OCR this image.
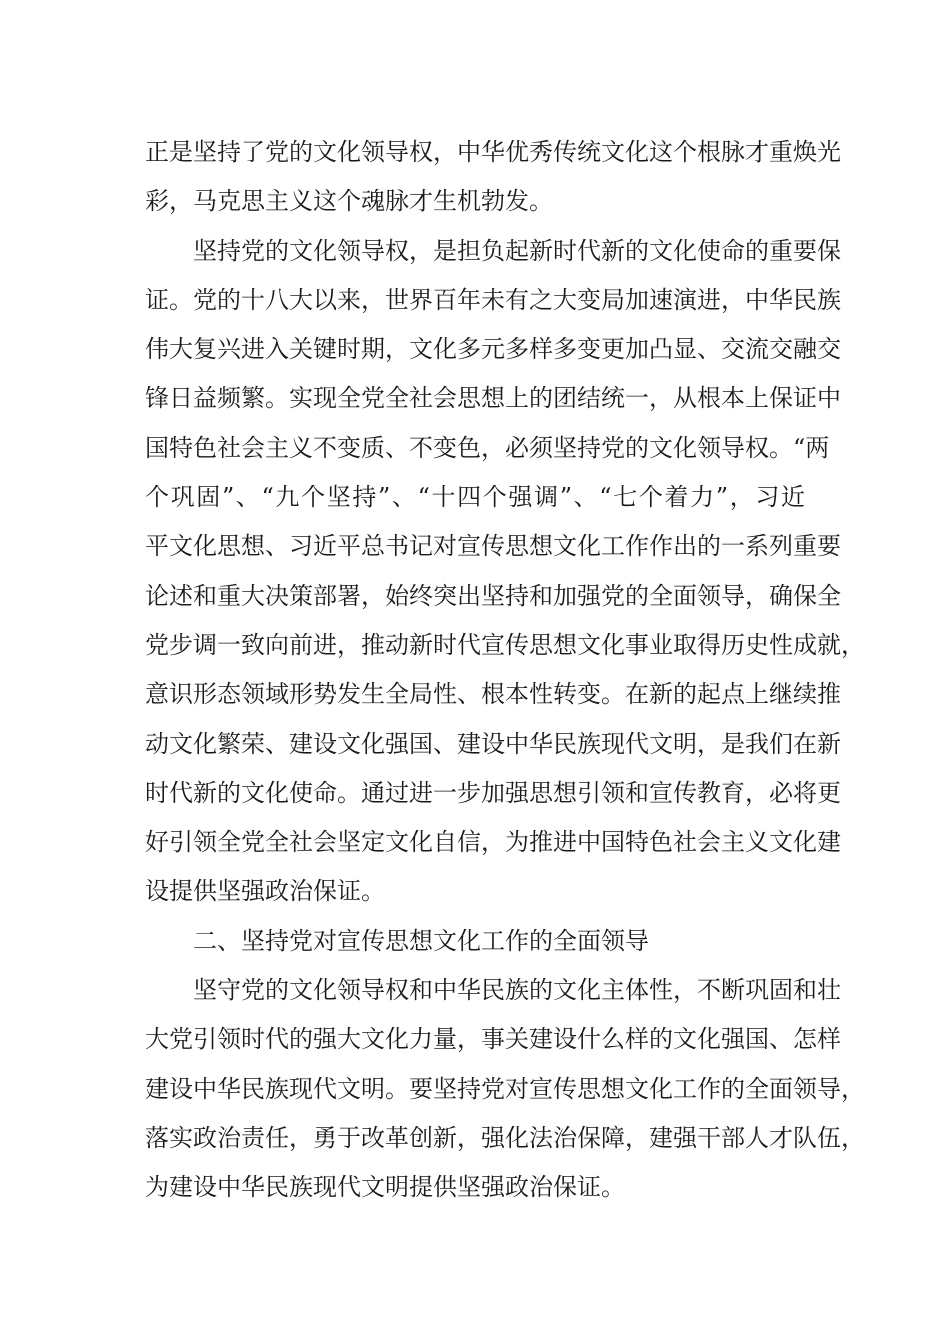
正是坚持了党的文化领导权，中华优秀传统文化这个根脉才重焕光
彩，马克思主义这个魂脉才生机勃发。
坚持党的文化领导权，是担负起新时代新的文化使命的重要保
证。党的十八大以来，世界百年未有之大变局加速演进，中华民族
伟大复兴进入关键时期，文化多元多样多变更加凸显、交流交融交
锋日益频繁。实现全党全社会思想上的团结统一，从根本上保证中
国特色社会主义不变质、不变色，必须坚持党的文化领导权。“两
个巩固”、“九个坚持”、“十四个强调”、“七个着力”，习近
平文化思想、习近平总书记对宣传思想文化工作作出的一系列重要
论述和重大决策部署，始终突出坚持和加强党的全面领导，确保全
党步调一致向前进，推动新时代宣传思想文化事业取得历史性成就，
意识形态领域形势发生全局性、根本性转变。在新的起点上继续推
动文化繁荣、建设文化强国、建设中华民族现代文明，是我们在新
时代新的文化使命。通过进一步加强思想引领和宣传教育，必将更
好引领全党全社会坚定文化自信，为推进中国特色社会主义文化建
设提供坚强政治保证。
二、坚持党对宣传思想文化工作的全面领导
坚守党的文化领导权和中华民族的文化主体性，不断巩固和壮
大党引领时代的强大文化力量，事关建设什么样的文化强国、怎样
建设中华民族现代文明。要坚持党对宣传思想文化工作的全面领导，
落实政治责任，勇于改革创新，强化法治保障，建强干部人才队伍，
为建设中华民族现代文明提供坚强政治保证。
